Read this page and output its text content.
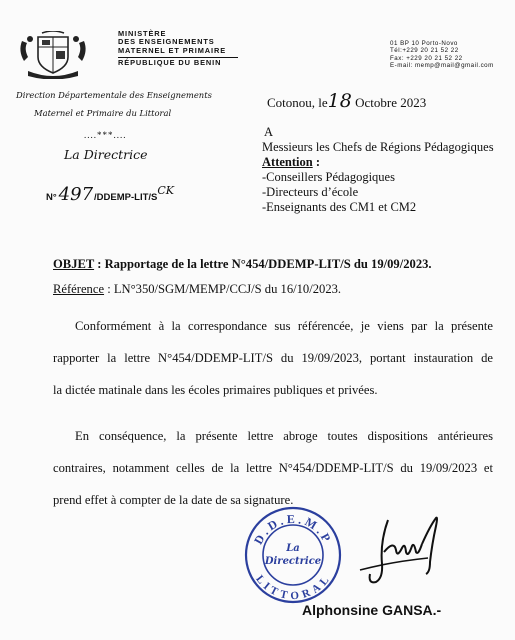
MINISTÈRE
DES ENSEIGNEMENTS
MATERNEL ET PRIMAIRE
RÉPUBLIQUE DU BENIN
01 BP 10 Porto-Novo
Tél:+229 20 21 52 22
Fax: +229 20 21 52 22
E-mail: memp@mail@gmail.com
Direction Départementale des Enseignements
Maternel et Primaire du Littoral
....***....
La Directrice
N° 497 /DDEMP-LIT/S
CK
Cotonou, le18 Octobre 2023
A
Messieurs les Chefs de Régions Pédagogiques
Attention :
-Conseillers Pédagogiques
-Directeurs d’école
-Enseignants des CM1 et CM2
OBJET : Rapportage de la lettre N°454/DDEMP-LIT/S du 19/09/2023.
Référence : LN°350/SGM/MEMP/CCJ/S du 16/10/2023.
Conformément à la correspondance sus référencée, je viens par la présente
rapporter la lettre N°454/DDEMP-LIT/S du 19/09/2023, portant instauration de
la dictée matinale dans les écoles primaires publiques et privées.
En conséquence, la présente lettre abroge toutes dispositions antérieures
contraires, notamment celles de la lettre N°454/DDEMP-LIT/S du 19/09/2023 et
prend effet à compter de la date de sa signature.
D.D.E.M.P
LITTORAL
La
Directrice
Alphonsine GANSA.-
